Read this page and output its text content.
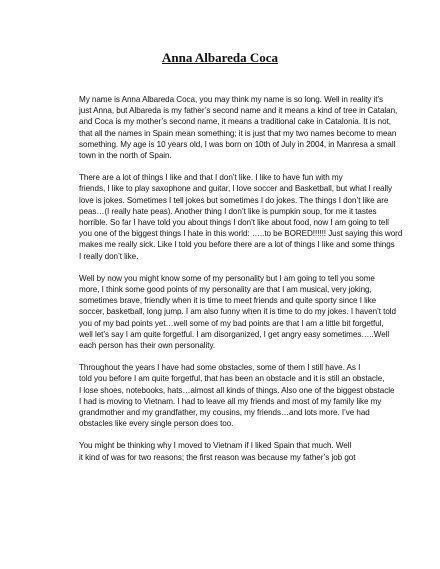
Anna Albareda Coca

My name is Anna Albareda Coca, you may think my name is so long. Well in reality it’s
just Anna, but Albareda is my father’s second name and it means a kind of tree in Catalan,
and Coca is my mother’s second name, it means a traditional cake in Catalonia. It is not,
that all the names in Spain mean something; it is just that my two names become to mean
something. My age is 10 years old, I was born on 10th of July in 2004, in Manresa a small
town in the north of Spain.

There are a lot of things I like and that I don’t like. I like to have fun with my
friends, I like to play saxophone and guitar, I love soccer and Basketball, but what I really
love is jokes. Sometimes I tell jokes but sometimes I do jokes. The things I don’t like are
peas…(I really hate peas). Another thing I don’t like is pumpkin soup, for me it tastes
horrible. So far I have told you about things I don’t like about food, now I am going to tell
you one of the biggest things I hate in this world: …..to be BORED!!!!!! Just saying this word
makes me really sick. Like I told you before there are a lot of things I like and some things
I really don’t like.

Well by now you might know some of my personality but I am going to tell you some
more, I think some good points of my personality are that I am musical, very joking,
sometimes brave, friendly when it is time to meet friends and quite sporty since I like
soccer, basketball, long jump. I am also funny when it is time to do my jokes. I haven’t told
you of my bad points yet…well some of my bad points are that I am a little bit forgetful,
well let’s say I am quite forgetful. I am disorganized, I get angry easy sometimes…..Well
each person has their own personality.

Throughout the years I have had some obstacles, some of them I still have. As I
told you before I am quite forgetful, that has been an obstacle and it is still an obstacle,
I lose shoes, notebooks, hats…almost all kinds of things. Also one of the biggest obstacle
I had is moving to Vietnam. I had to leave all my friends and most of my family like my
grandmother and my grandfather, my cousins, my friends…and lots more. I’ve had
obstacles like every single person does too.

You might be thinking why I moved to Vietnam if I liked Spain that much. Well
it kind of was for two reasons; the first reason was because my father’s job got
